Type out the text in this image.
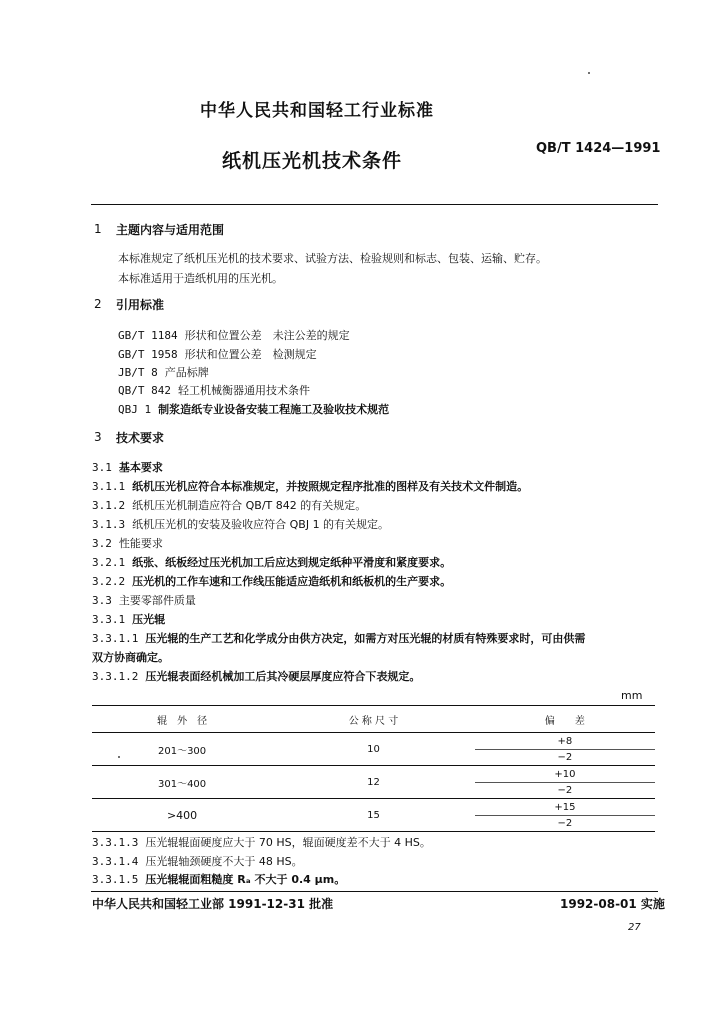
中华人民共和国轻工行业标准
纸机压光机技术条件
QB/T 1424—1991
1 主题内容与适用范围
本标准规定了纸机压光机的技术要求、试验方法、检验规则和标志、包装、运输、贮存。
本标准适用于造纸机用的压光机。
2 引用标准
GB/T 1184 形状和位置公差　未注公差的规定
GB/T 1958 形状和位置公差　检测规定
JB/T 8 产品标牌
QB/T 842 轻工机械衡器通用技术条件
QBJ 1 制浆造纸专业设备安装工程施工及验收技术规范
3 技术要求
3.1 基本要求
3.1.1 纸机压光机应符合本标准规定，并按照规定程序批准的图样及有关技术文件制造。
3.1.2 纸机压光机制造应符合 QB/T 842 的有关规定。
3.1.3 纸机压光机的安装及验收应符合 QBJ 1 的有关规定。
3.2 性能要求
3.2.1 纸张、纸板经过压光机加工后应达到规定纸种平滑度和紧度要求。
3.2.2 压光机的工作车速和工作线压能适应造纸机和纸板机的生产要求。
3.3 主要零部件质量
3.3.1 压光辊
3.3.1.1 压光辊的生产工艺和化学成分由供方决定，如需方对压光辊的材质有特殊要求时，可由供需
双方协商确定。
3.3.1.2 压光辊表面经机械加工后其冷硬层厚度应符合下表规定。
mm
辊　外　径	公 称 尺 寸	偏　　差
201～300	10	+8
−2

301～400	12	+10
−2

>400	15	+15
−2
3.3.1.3 压光辊辊面硬度应大于 70 HS，辊面硬度差不大于 4 HS。
3.3.1.4 压光辊轴颈硬度不大于 48 HS。
3.3.1.5 压光辊辊面粗糙度 Rₐ 不大于 0.4 μm。
中华人民共和国轻工业部 1991-12-31 批准	1992-08-01 实施
27
